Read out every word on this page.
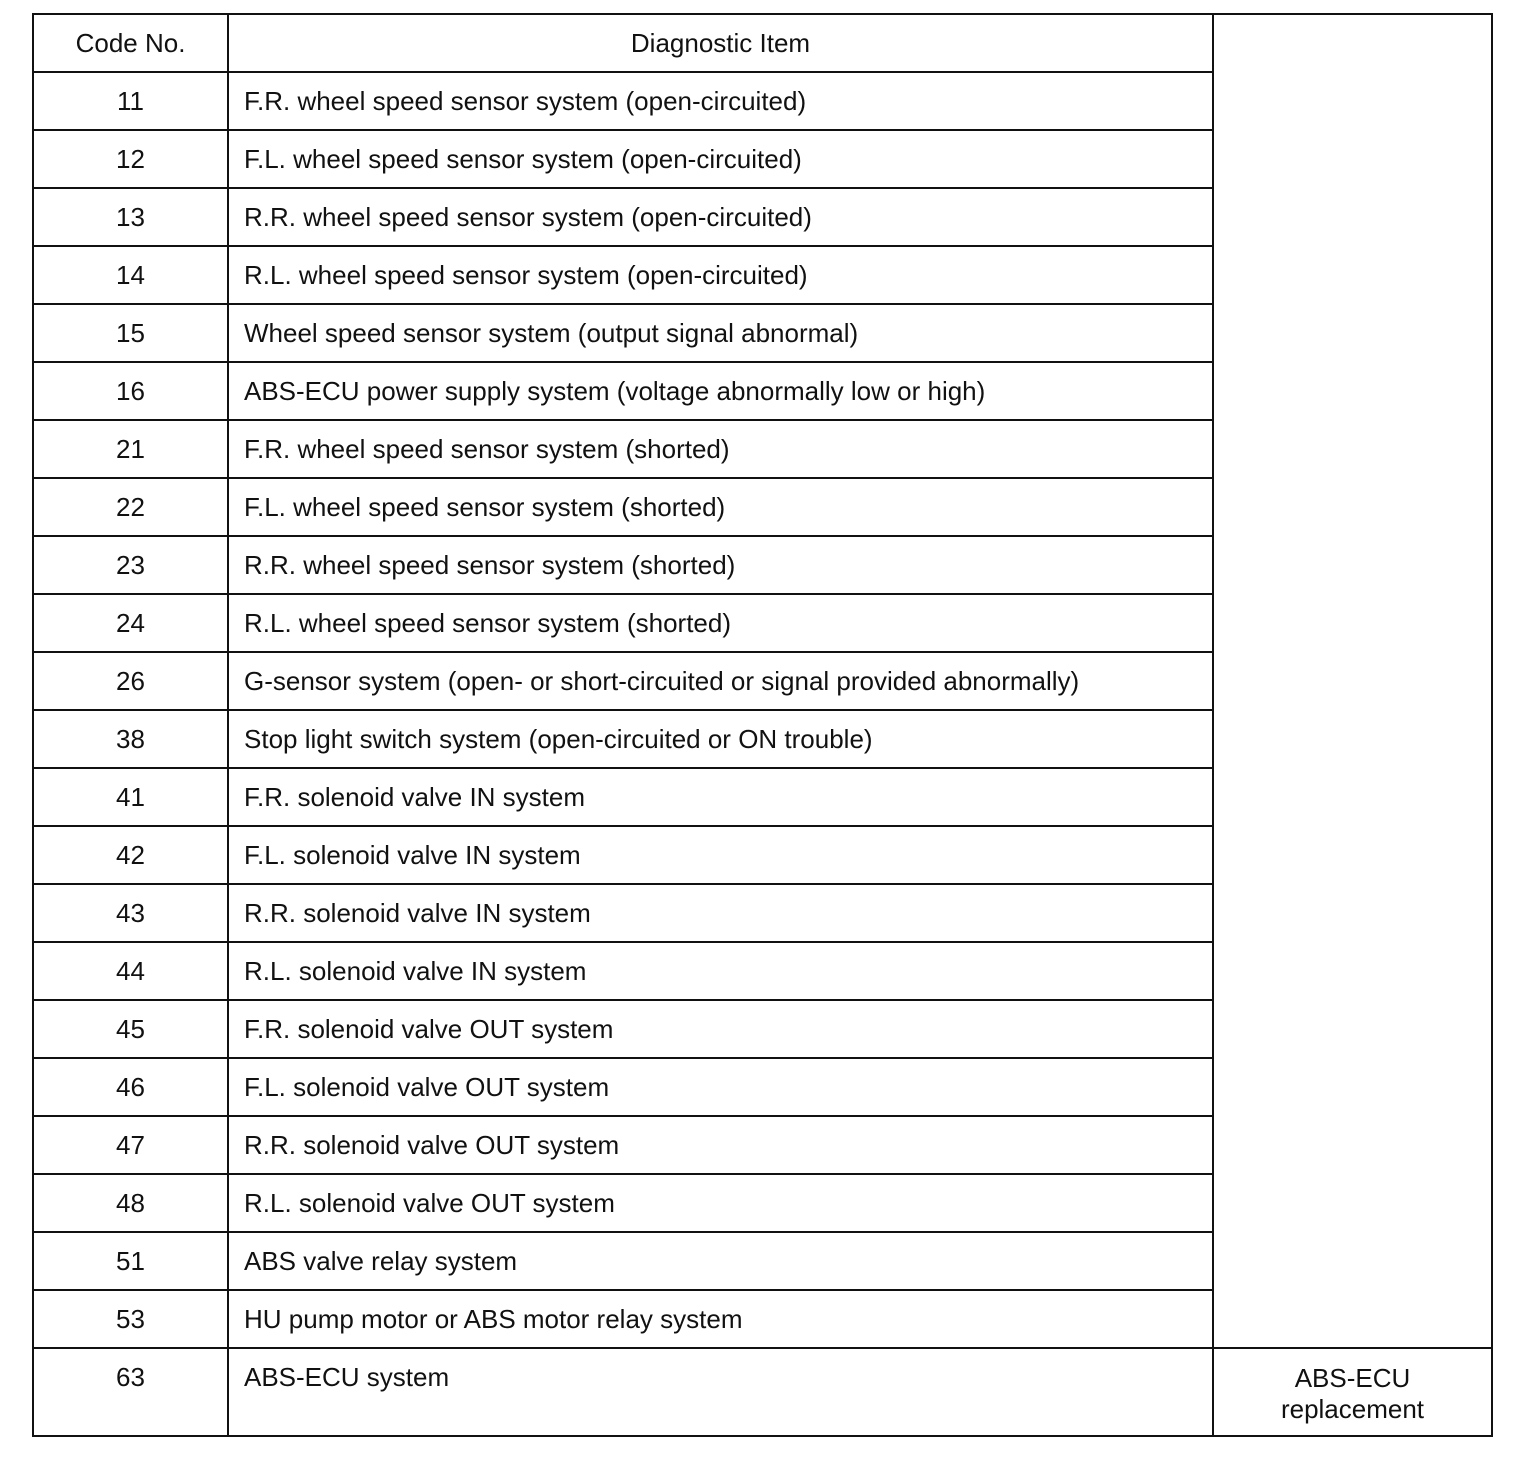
Code No.	Diagnostic Item	
11	F.R. wheel speed sensor system (open-circuited)	
12	F.L. wheel speed sensor system (open-circuited)	
13	R.R. wheel speed sensor system (open-circuited)	
14	R.L. wheel speed sensor system (open-circuited)	
15	Wheel speed sensor system (output signal abnormal)	
16	ABS-ECU power supply system (voltage abnormally low or high)	
21	F.R. wheel speed sensor system (shorted)	
22	F.L. wheel speed sensor system (shorted)	
23	R.R. wheel speed sensor system (shorted)	
24	R.L. wheel speed sensor system (shorted)	
26	G-sensor system (open- or short-circuited or signal provided abnormally)	
38	Stop light switch system (open-circuited or ON trouble)	
41	F.R. solenoid valve IN system	
42	F.L. solenoid valve IN system	
43	R.R. solenoid valve IN system	
44	R.L. solenoid valve IN system	
45	F.R. solenoid valve OUT system	
46	F.L. solenoid valve OUT system	
47	R.R. solenoid valve OUT system	
48	R.L. solenoid valve OUT system	
51	ABS valve relay system	
53	HU pump motor or ABS motor relay system	
63	ABS-ECU system	ABS-ECU
replacement
